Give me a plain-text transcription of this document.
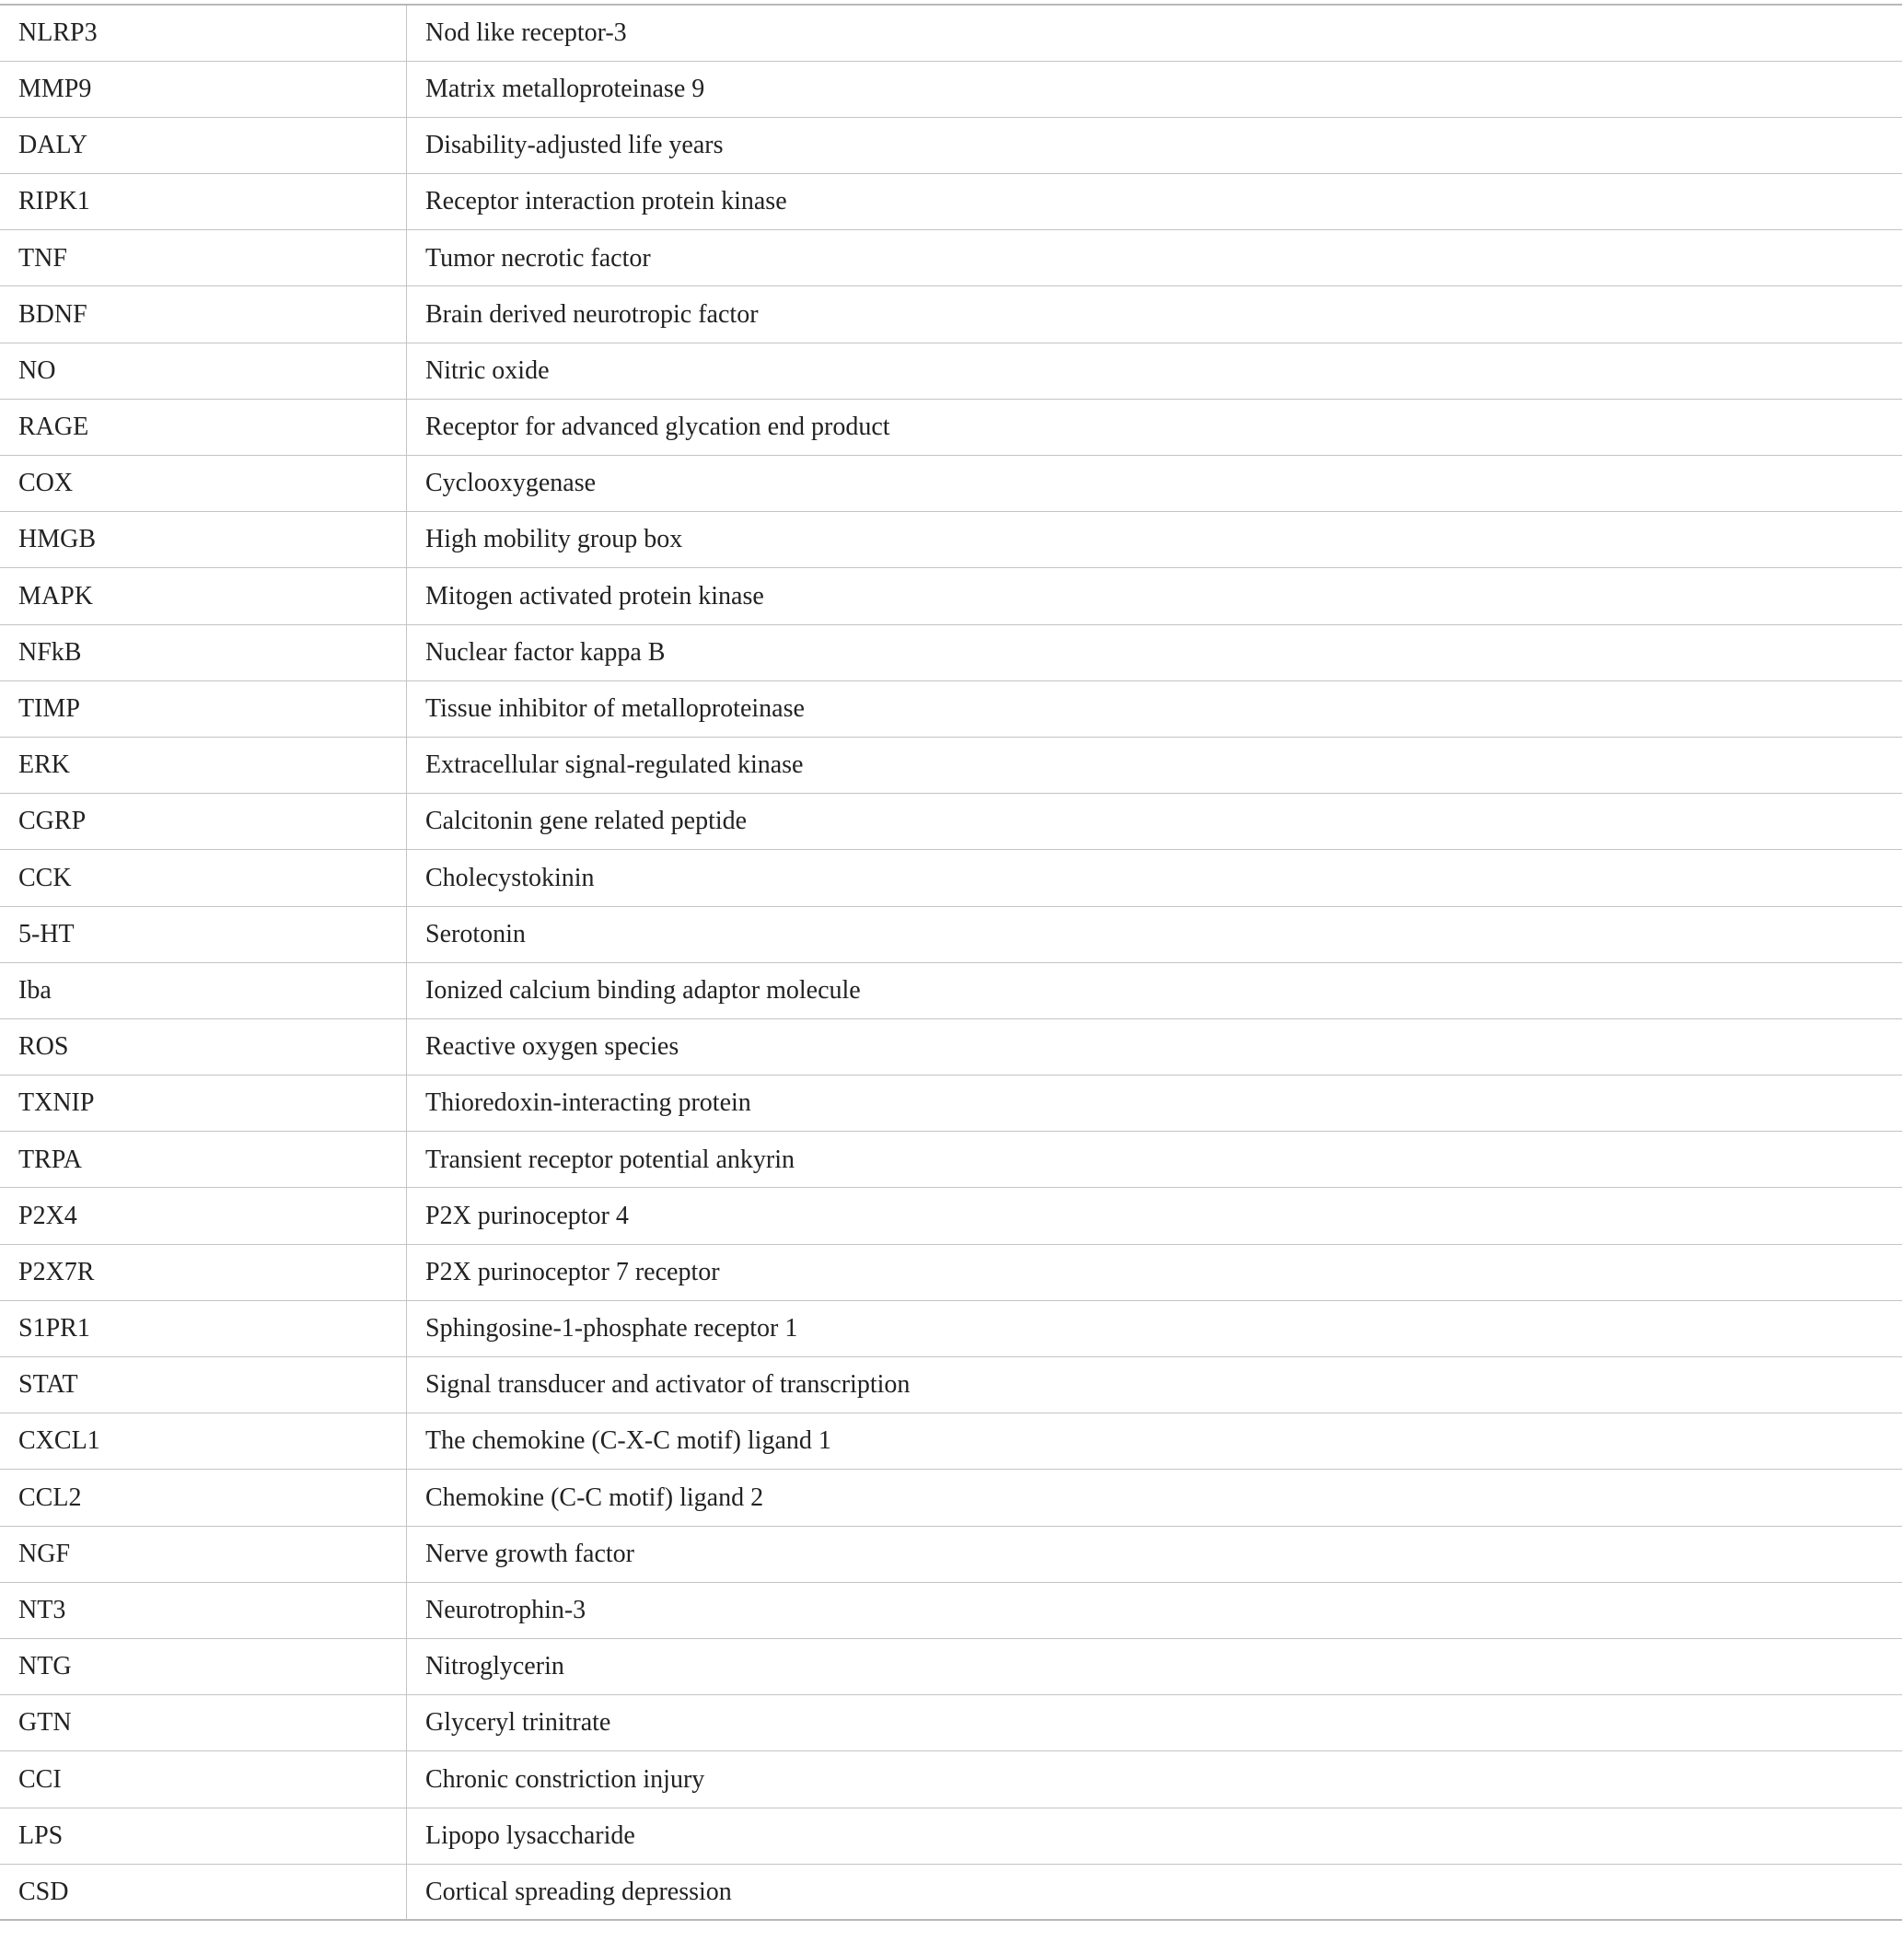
NLRP3	Nod like receptor-3
MMP9	Matrix metalloproteinase 9
DALY	Disability-adjusted life years
RIPK1	Receptor interaction protein kinase
TNF	Tumor necrotic factor
BDNF	Brain derived neurotropic factor
NO	Nitric oxide
RAGE	Receptor for advanced glycation end product
COX	Cyclooxygenase
HMGB	High mobility group box
MAPK	Mitogen activated protein kinase
NFkB	Nuclear factor kappa B
TIMP	Tissue inhibitor of metalloproteinase
ERK	Extracellular signal-regulated kinase
CGRP	Calcitonin gene related peptide
CCK	Cholecystokinin
5-HT	Serotonin
Iba	Ionized calcium binding adaptor molecule
ROS	Reactive oxygen species
TXNIP	Thioredoxin-interacting protein
TRPA	Transient receptor potential ankyrin
P2X4	P2X purinoceptor 4
P2X7R	P2X purinoceptor 7 receptor
S1PR1	Sphingosine-1-phosphate receptor 1
STAT	Signal transducer and activator of transcription
CXCL1	The chemokine (C-X-C motif) ligand 1
CCL2	Chemokine (C-C motif) ligand 2
NGF	Nerve growth factor
NT3	Neurotrophin-3
NTG	Nitroglycerin
GTN	Glyceryl trinitrate
CCI	Chronic constriction injury
LPS	Lipopo lysaccharide
CSD	Cortical spreading depression
